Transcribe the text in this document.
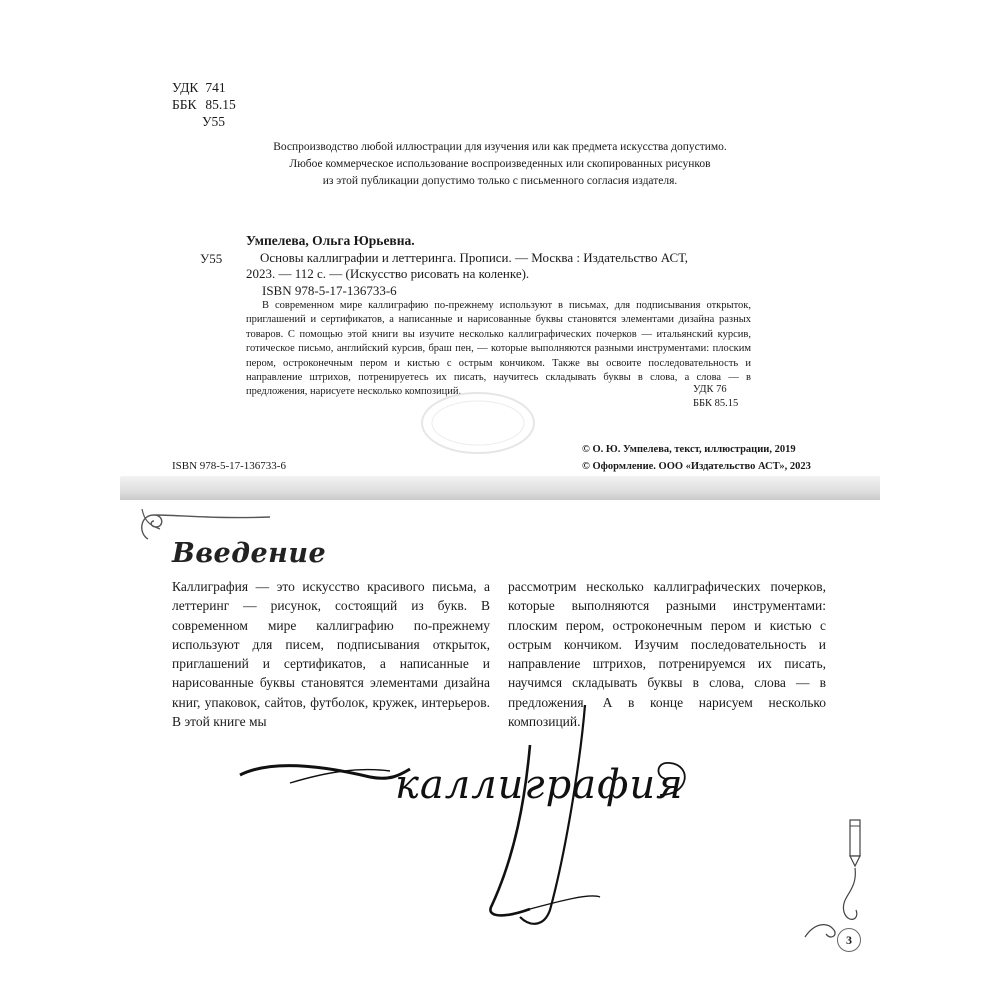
УДК
741
ББК
85.15
У55
Воспроизводство любой иллюстрации для изучения или как предмета искусства допустимо.
Любое коммерческое использование воспроизведенных или скопированных рисунков
из этой публикации допустимо только с письменного согласия издателя.
Умпелева, Ольга Юрьевна.
У55	Основы каллиграфии и леттеринга. Прописи. — Москва : Издательство АСТ,
2023. — 112 с. — (Искусство рисовать на коленке).
ISBN 978-5-17-136733-6
В современном мире каллиграфию по-прежнему используют в письмах, для подписывания открыток, приглашений и сертификатов, а написанные и нарисованные буквы становятся элементами дизайна разных товаров. С помощью этой книги вы изучите несколько каллиграфических почерков — итальянский курсив, готическое письмо, английский курсив, браш пен, — которые выполняются разными инструментами: плоским пером, остроконечным пером и кистью с острым кончиком. Также вы освоите последовательность и направление штрихов, потренируетесь их писать, научитесь складывать буквы в слова, а слова — в предложения, нарисуете несколько композиций.	УДК 76
ББК 85.15
ISBN 978-5-17-136733-6
© О. Ю. Умпелева, текст, иллюстрации, 2019
© Оформление. ООО «Издательство АСТ», 2023
Введение
Каллиграфия — это искусство красивого письма, а леттеринг — рисунок, состоящий из букв. В современном мире каллиграфию по-прежнему используют для писем, подписывания открыток, приглашений и сертификатов, а написанные и нарисованные буквы становятся элементами дизайна книг, упаковок, сайтов, футболок, кружек, интерьеров. В этой книге мы
рассмотрим несколько каллиграфических почерков, которые выполняются разными инструментами: плоским пером, остроконечным пером и кистью с острым кончиком. Изучим последовательность и направление штрихов, потренируемся их писать, научимся складывать буквы в слова, слова — в предложения. А в конце нарисуем несколько композиций.
каллиграфия
3
